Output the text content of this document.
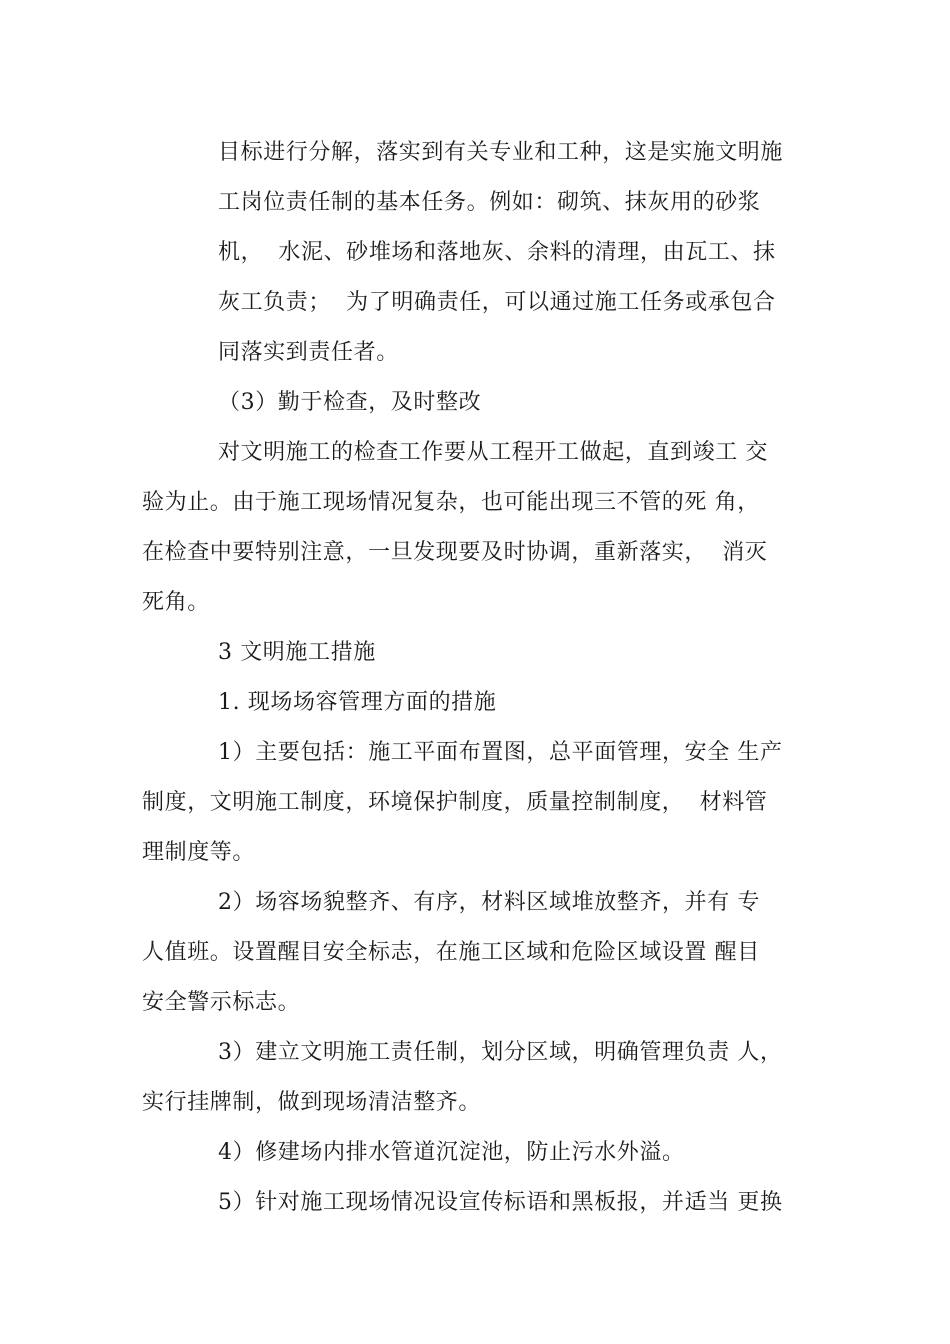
目标进行分解，落实到有关专业和工种，这是实施文明施
工岗位责任制的基本任务。例如：砌筑、抹灰用的砂浆
机，  水泥、砂堆场和落地灰、余料的清理，由瓦工、抹
灰工负责；  为了明确责任，可以通过施工任务或承包合
同落实到责任者。
（3）勤于检查，及时整改
对文明施工的检查工作要从工程开工做起，直到竣工 交
验为止。由于施工现场情况复杂，也可能出现三不管的死 角，
在检查中要特别注意，一旦发现要及时协调，重新落实，  消灭
死角。
3 文明施工措施
1. 现场场容管理方面的措施
1）主要包括：施工平面布置图，总平面管理，安全 生产
制度，文明施工制度，环境保护制度，质量控制制度，  材料管
理制度等。
2）场容场貌整齐、有序，材料区域堆放整齐，并有 专
人值班。设置醒目安全标志，在施工区域和危险区域设置 醒目
安全警示标志。
3）建立文明施工责任制，划分区域，明确管理负责 人，
实行挂牌制，做到现场清洁整齐。
4）修建场内排水管道沉淀池，防止污水外溢。
5）针对施工现场情况设宣传标语和黑板报，并适当 更换
